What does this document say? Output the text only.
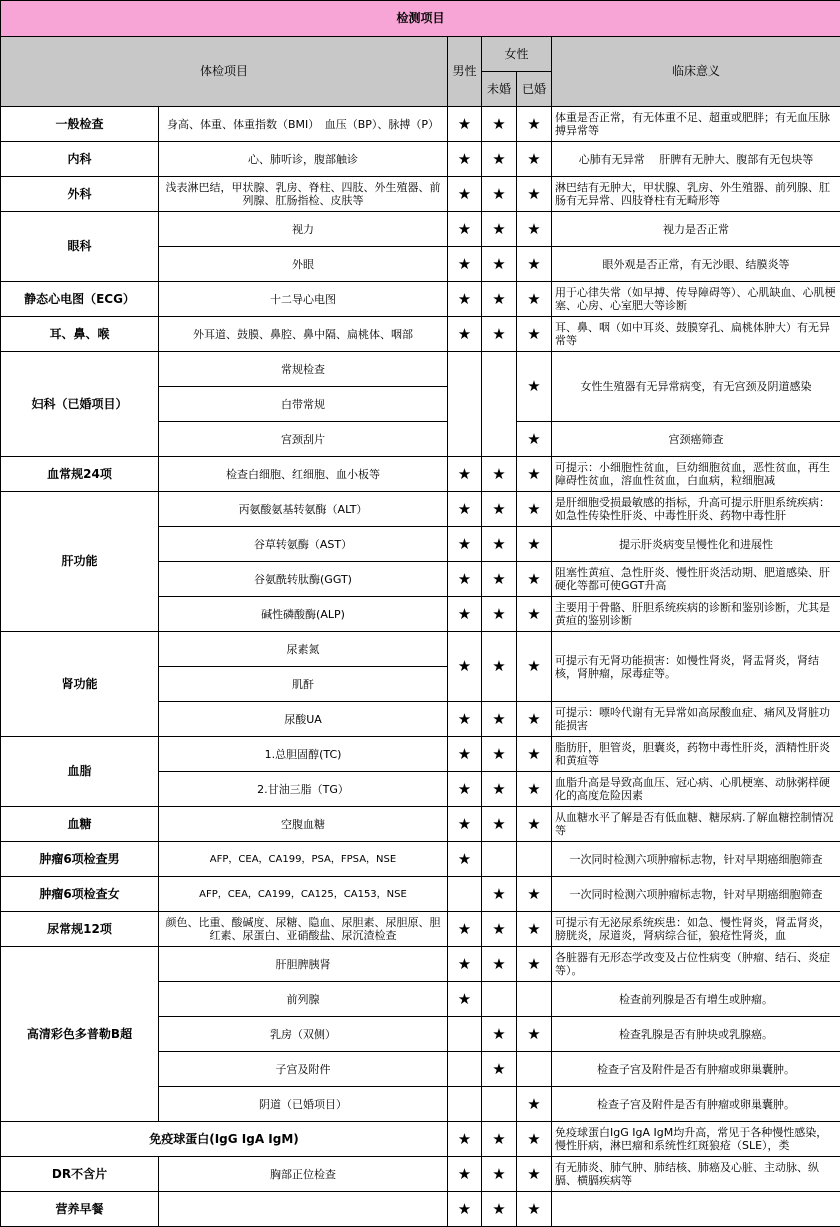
检测项目					
体检项目		男性	女性		临床意义
			未婚	已婚	
一般检查	身高、体重、体重指数（BMI）　血压（BP）、脉搏（P）	★	★	★	体重是否正常，有无体重不足、超重或肥胖；有无血压脉搏异常等
内科	心、肺听诊，腹部触诊	★	★	★	心肺有无异常　 肝脾有无肿大、腹部有无包块等
外科	浅表淋巴结，甲状腺、乳房、脊柱、四肢、外生殖器、前列腺、肛肠指检、皮肤等	★	★	★	淋巴结有无肿大，甲状腺、乳房、外生殖器、前列腺、肛肠有无异常、四肢脊柱有无畸形等
眼科	视力	★	★	★	视力是否正常
	外眼	★	★	★	眼外观是否正常，有无沙眼、结膜炎等
静态心电图（ECG）	十二导心电图	★	★	★	用于心律失常（如早搏、传导障碍等）、心肌缺血、心肌梗塞、心房、心室肥大等诊断
耳、鼻、喉	外耳道、鼓膜、鼻腔、鼻中隔、扁桃体、咽部	★	★	★	耳、鼻、咽（如中耳炎、鼓膜穿孔、扁桃体肿大）有无异常等
妇科（已婚项目）	常规检查			★	女性生殖器有无异常病变，有无宫颈及阴道感染
	白带常规				
	宫颈刮片			★	宫颈癌筛查
血常规24项	检查白细胞、红细胞、血小板等	★	★	★	可提示：小细胞性贫血，巨幼细胞贫血，恶性贫血，再生障碍性贫血，溶血性贫血，白血病，粒细胞减
肝功能	丙氨酸氨基转氨酶（ALT）	★	★	★	是肝细胞受损最敏感的指标，升高可提示肝胆系统疾病：如急性传染性肝炎、中毒性肝炎、药物中毒性肝
	谷草转氨酶（AST）	★	★	★	提示肝炎病变呈慢性化和进展性
	谷氨酰转肽酶(GGT)	★	★	★	阻塞性黄疸、急性肝炎、慢性肝炎活动期、肥道感染、肝硬化等都可使GGT升高
	碱性磷酸酶(ALP)	★	★	★	主要用于骨骼、肝胆系统疾病的诊断和鉴别诊断，尤其是黄疸的鉴别诊断
肾功能	尿素氮	★	★	★	可提示有无肾功能损害：如慢性肾炎，肾盂肾炎，肾结核，肾肿瘤，尿毒症等。
	肌酐				
	尿酸UA	★	★	★	可提示：嘌呤代谢有无异常如高尿酸血症、痛风及肾脏功能损害
血脂	1.总胆固醇(TC)	★	★	★	脂肪肝，胆管炎，胆囊炎，药物中毒性肝炎，酒精性肝炎和黄疸等
	2.甘油三脂（TG）	★	★	★	血脂升高是导致高血压、冠心病、心肌梗塞、动脉粥样硬化的高度危险因素
血糖	空腹血糖	★	★	★	从血糖水平了解是否有低血糖、糖尿病.了解血糖控制情况等
肿瘤6项检查男	AFP，CEA，CA199，PSA，FPSA，NSE	★			一次同时检测六项肿瘤标志物，针对早期癌细胞筛查
肿瘤6项检查女	AFP，CEA，CA199，CA125，CA153，NSE		★	★	一次同时检测六项肿瘤标志物，针对早期癌细胞筛查
尿常规12项	颜色、比重、酸碱度、尿糖、隐血、尿胆素、尿胆原、胆红素、尿蛋白、亚硝酸盐、尿沉渣检查	★	★	★	可提示有无泌尿系统疾患：如急、慢性肾炎，肾盂肾炎，膀胱炎，尿道炎，肾病综合征，狼疮性肾炎，血
高清彩色多普勒B超	肝胆脾胰肾	★	★	★	各脏器有无形态学改变及占位性病变（肿瘤、结石、炎症等）。
	前列腺	★			检查前列腺是否有增生或肿瘤。
	乳房（双侧）		★	★	检查乳腺是否有肿块或乳腺癌。
	子宫及附件		★		检查子宫及附件是否有肿瘤或卵巢囊肿。
	阴道（已婚项目）			★	检查子宫及附件是否有肿瘤或卵巢囊肿。
免疫球蛋白(IgG IgA IgM)		★	★	★	免疫球蛋白IgG IgA IgM均升高，常见于各种慢性感染，慢性肝病，淋巴瘤和系统性红斑狼疮（SLE），类
DR不含片	胸部正位检查	★	★	★	有无肺炎、肺气肿、肺结核、肺癌及心脏、主动脉、纵膈、横膈疾病等
营养早餐		★	★	★	
